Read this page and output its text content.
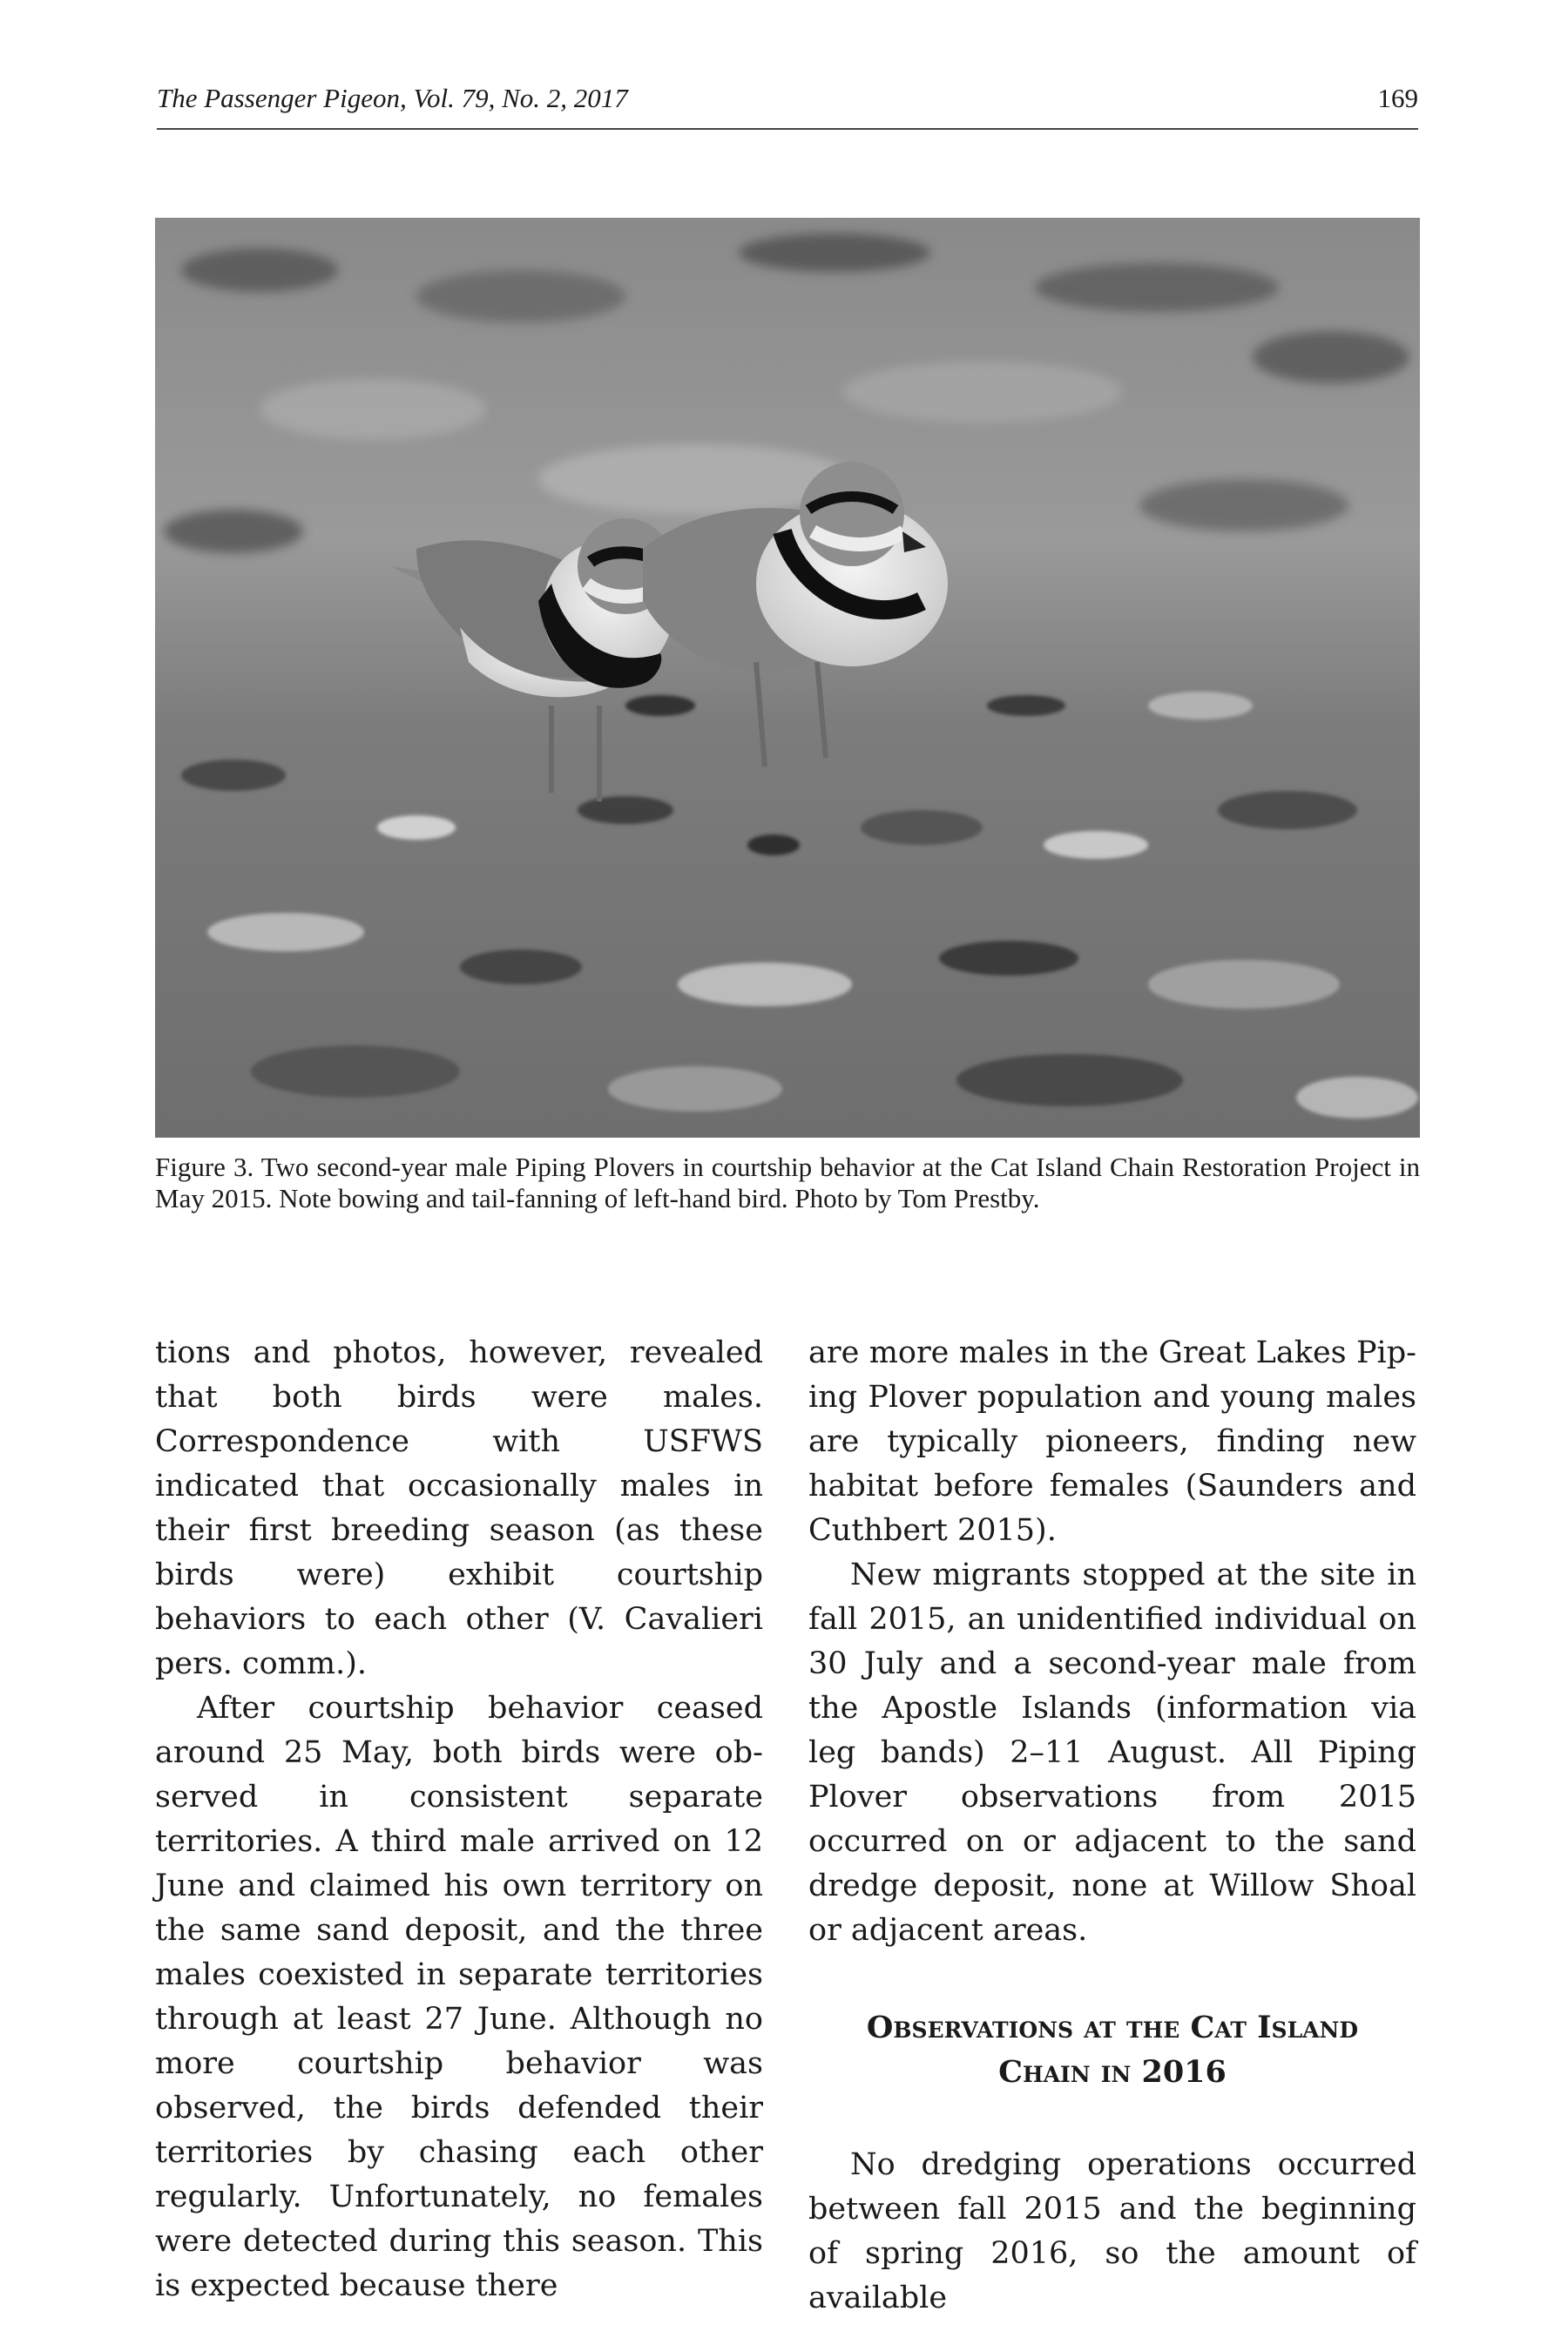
The Passenger Pigeon, Vol. 79, No. 2, 2017	169
Figure 3. Two second-year male Piping Plovers in courtship behavior at the Cat Island Chain Restoration Project in May 2015. Note bowing and tail-fanning of left-hand bird. Photo by Tom Prestby.

tions and photos, however, revealed that both birds were males. Correspondence with USFWS indicated that occasionally males in their first breeding season (as these birds were) exhibit courtship behaviors to each other (V. Cavalieri pers. comm.).

After courtship behavior ceased around 25 May, both birds were observed in consistent separate territories. A third male arrived on 12 June and claimed his own territory on the same sand deposit, and the three males coexisted in separate territories through at least 27 June. Although no more courtship behavior was observed, the birds defended their territories by chasing each other regularly. Unfortunately, no females were detected during this season. This is expected because there

are more males in the Great Lakes Piping Plover population and young males are typically pioneers, finding new habitat before females (Saunders and Cuthbert 2015).

New migrants stopped at the site in fall 2015, an unidentified individual on 30 July and a second-year male from the Apostle Islands (information via leg bands) 2–11 August. All Piping Plover observations from 2015 occurred on or adjacent to the sand dredge deposit, none at Willow Shoal or adjacent areas.

Observations at the Cat Island
Chain in 2016

No dredging operations occurred between fall 2015 and the beginning of spring 2016, so the amount of available
